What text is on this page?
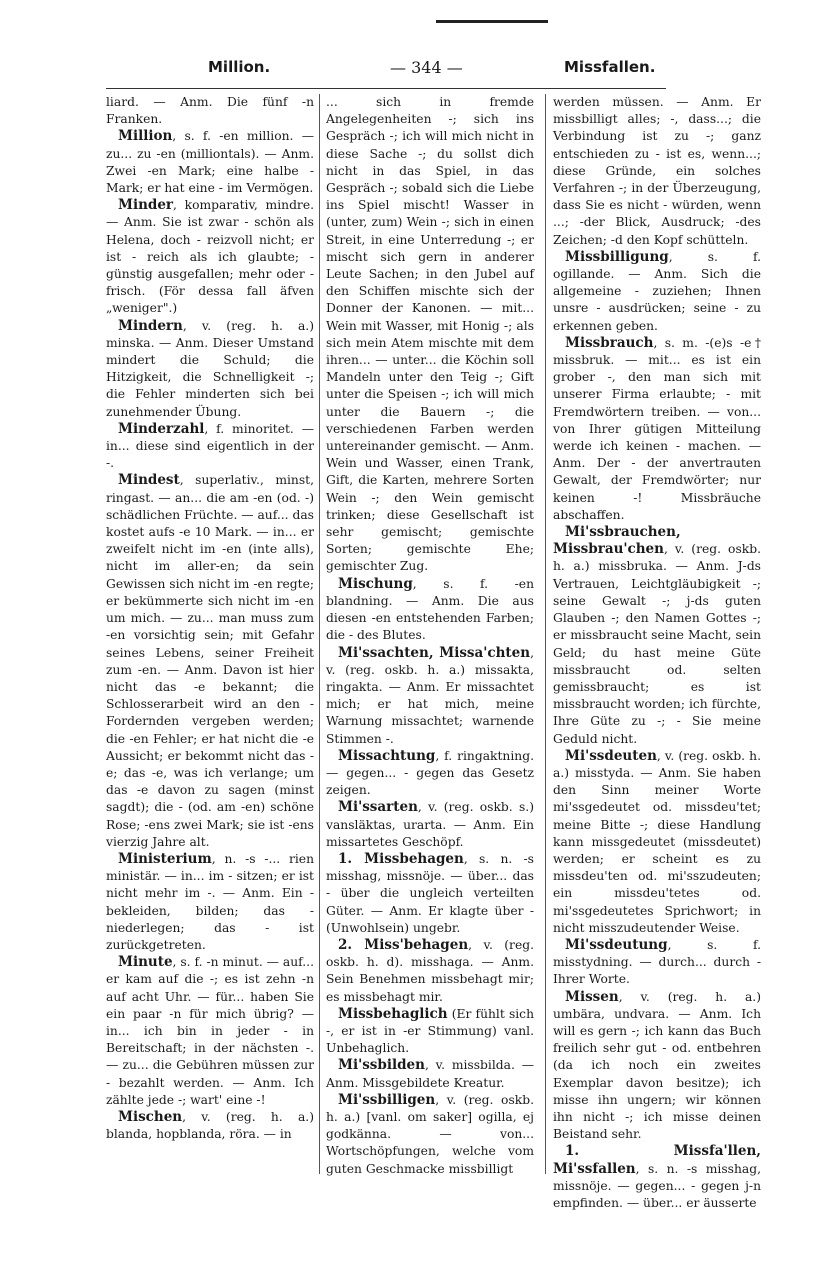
Million.	— 344 —	Missfallen.

liard. — Anm. Die fünf -n Franken.

Million, s. f. -en million. — zu... zu -en (milliontals). — Anm. Zwei -en Mark; eine halbe - Mark; er hat eine - im Vermögen.

Minder, komparativ, mindre. — Anm. Sie ist zwar - schön als Helena, doch - reizvoll nicht; er ist - reich als ich glaubte; - günstig ausgefallen; mehr oder - frisch. (För dessa fall äfven „weniger".)

Mindern, v. (reg. h. a.) minska. — Anm. Dieser Umstand mindert die Schuld; die Hitzigkeit, die Schnelligkeit -; die Fehler minderten sich bei zunehmender Übung.

Minderzahl, f. minoritet. — in... diese sind eigentlich in der -.

Mindest, superlativ., minst, ringast. — an... die am -en (od. -) schädlichen Früchte. — auf... das kostet aufs -e 10 Mark. — in... er zweifelt nicht im -en (inte alls), nicht im aller-en; da sein Gewissen sich nicht im -en regte; er bekümmerte sich nicht im -en um mich. — zu... man muss zum -en vorsichtig sein; mit Gefahr seines Lebens, seiner Freiheit zum -en. — Anm. Davon ist hier nicht das -e bekannt; die Schlosserarbeit wird an den -Fordernden vergeben werden; die -en Fehler; er hat nicht die -e Aussicht; er bekommt nicht das -e; das -e, was ich verlange; um das -e davon zu sagen (minst sagdt); die - (od. am -en) schöne Rose; -ens zwei Mark; sie ist -ens vierzig Jahre alt.

Ministerium, n. -s -... rien ministär. — in... im - sitzen; er ist nicht mehr im -. — Anm. Ein - bekleiden, bilden; das - niederlegen; das - ist zurückgetreten.

Minute, s. f. -n minut. — auf... er kam auf die -; es ist zehn -n auf acht Uhr. — für... haben Sie ein paar -n für mich übrig? — in... ich bin in jeder - in Bereitschaft; in der nächsten -. — zu... die Gebühren müssen zur - bezahlt werden. — Anm. Ich zählte jede -; wart' eine -!

Mischen, v. (reg. h. a.) blanda, hopblanda, röra. — in

... sich in fremde Angelegenheiten -; sich ins Gespräch -; ich will mich nicht in diese Sache -; du sollst dich nicht in das Spiel, in das Gespräch -; sobald sich die Liebe ins Spiel mischt! Wasser in (unter, zum) Wein -; sich in einen Streit, in eine Unterredung -; er mischt sich gern in anderer Leute Sachen; in den Jubel auf den Schiffen mischte sich der Donner der Kanonen. — mit... Wein mit Wasser, mit Honig -; als sich mein Atem mischte mit dem ihren... — unter... die Köchin soll Mandeln unter den Teig -; Gift unter die Speisen -; ich will mich unter die Bauern -; die verschiedenen Farben werden untereinander gemischt. — Anm. Wein und Wasser, einen Trank, Gift, die Karten, mehrere Sorten Wein -; den Wein gemischt trinken; diese Gesellschaft ist sehr gemischt; gemischte Sorten; gemischte Ehe; gemischter Zug.

Mischung, s. f. -en blandning. — Anm. Die aus diesen -en entstehenden Farben; die - des Blutes.

Mi'ssachten, Missa'chten, v. (reg. oskb. h. a.) missakta, ringakta. — Anm. Er missachtet mich; er hat mich, meine Warnung missachtet; warnende Stimmen -.

Missachtung, f. ringaktning. — gegen... - gegen das Gesetz zeigen.

Mi'ssarten, v. (reg. oskb. s.) vansläktas, urarta. — Anm. Ein missartetes Geschöpf.

1. Missbehagen, s. n. -s misshag, missnöje. — über... das - über die ungleich verteilten Güter. — Anm. Er klagte über - (Unwohlsein) ungebr.

2. Miss'behagen, v. (reg. oskb. h. d). misshaga. — Anm. Sein Benehmen missbehagt mir; es missbehagt mir.

Missbehaglich (Er fühlt sich -, er ist in -er Stimmung) vanl. Unbehaglich.

Mi'ssbilden, v. missbilda. — Anm. Missgebildete Kreatur.

Mi'ssbilligen, v. (reg. oskb. h. a.) [vanl. om saker] ogilla, ej godkänna. — von... Wortschöpfungen, welche vom guten Geschmacke missbilligt

werden müssen. — Anm. Er missbilligt alles; -, dass...; die Verbindung ist zu -; ganz entschieden zu - ist es, wenn...; diese Gründe, ein solches Verfahren -; in der Überzeugung, dass Sie es nicht - würden, wenn ...; -der Blick, Ausdruck; -des Zeichen; -d den Kopf schütteln.

Missbilligung, s. f. ogillande. — Anm. Sich die allgemeine - zuziehen; Ihnen unsre - ausdrücken; seine - zu erkennen geben.

Missbrauch, s. m. -(e)s -e† missbruk. — mit... es ist ein grober -, den man sich mit unserer Firma erlaubte; - mit Fremdwörtern treiben. — von... von Ihrer gütigen Mitteilung werde ich keinen - machen. — Anm. Der - der anvertrauten Gewalt, der Fremdwörter; nur keinen -! Missbräuche abschaffen.

Mi'ssbrauchen, Missbrau'chen, v. (reg. oskb. h. a.) missbruka. — Anm. J-ds Vertrauen, Leichtgläubigkeit -; seine Gewalt -; j-ds guten Glauben -; den Namen Gottes -; er missbraucht seine Macht, sein Geld; du hast meine Güte missbraucht od. selten gemissbraucht; es ist missbraucht worden; ich fürchte, Ihre Güte zu -; - Sie meine Geduld nicht.

Mi'ssdeuten, v. (reg. oskb. h. a.) misstyda. — Anm. Sie haben den Sinn meiner Worte mi'ssgedeutet od. missdeu'tet; meine Bitte -; diese Handlung kann missgedeutet (missdeutet) werden; er scheint es zu missdeu'ten od. mi'sszudeuten; ein missdeu'tetes od. mi'ssgedeutetes Sprichwort; in nicht misszudeutender Weise.

Mi'ssdeutung, s. f. misstydning. — durch... durch - Ihrer Worte.

Missen, v. (reg. h. a.) umbära, undvara. — Anm. Ich will es gern -; ich kann das Buch freilich sehr gut - od. entbehren (da ich noch ein zweites Exemplar davon besitze); ich misse ihn ungern; wir können ihn nicht -; ich misse deinen Beistand sehr.

1. Missfa'llen, Mi'ssfallen, s. n. -s misshag, missnöje. — gegen... - gegen j-n empfinden. — über... er äusserte
